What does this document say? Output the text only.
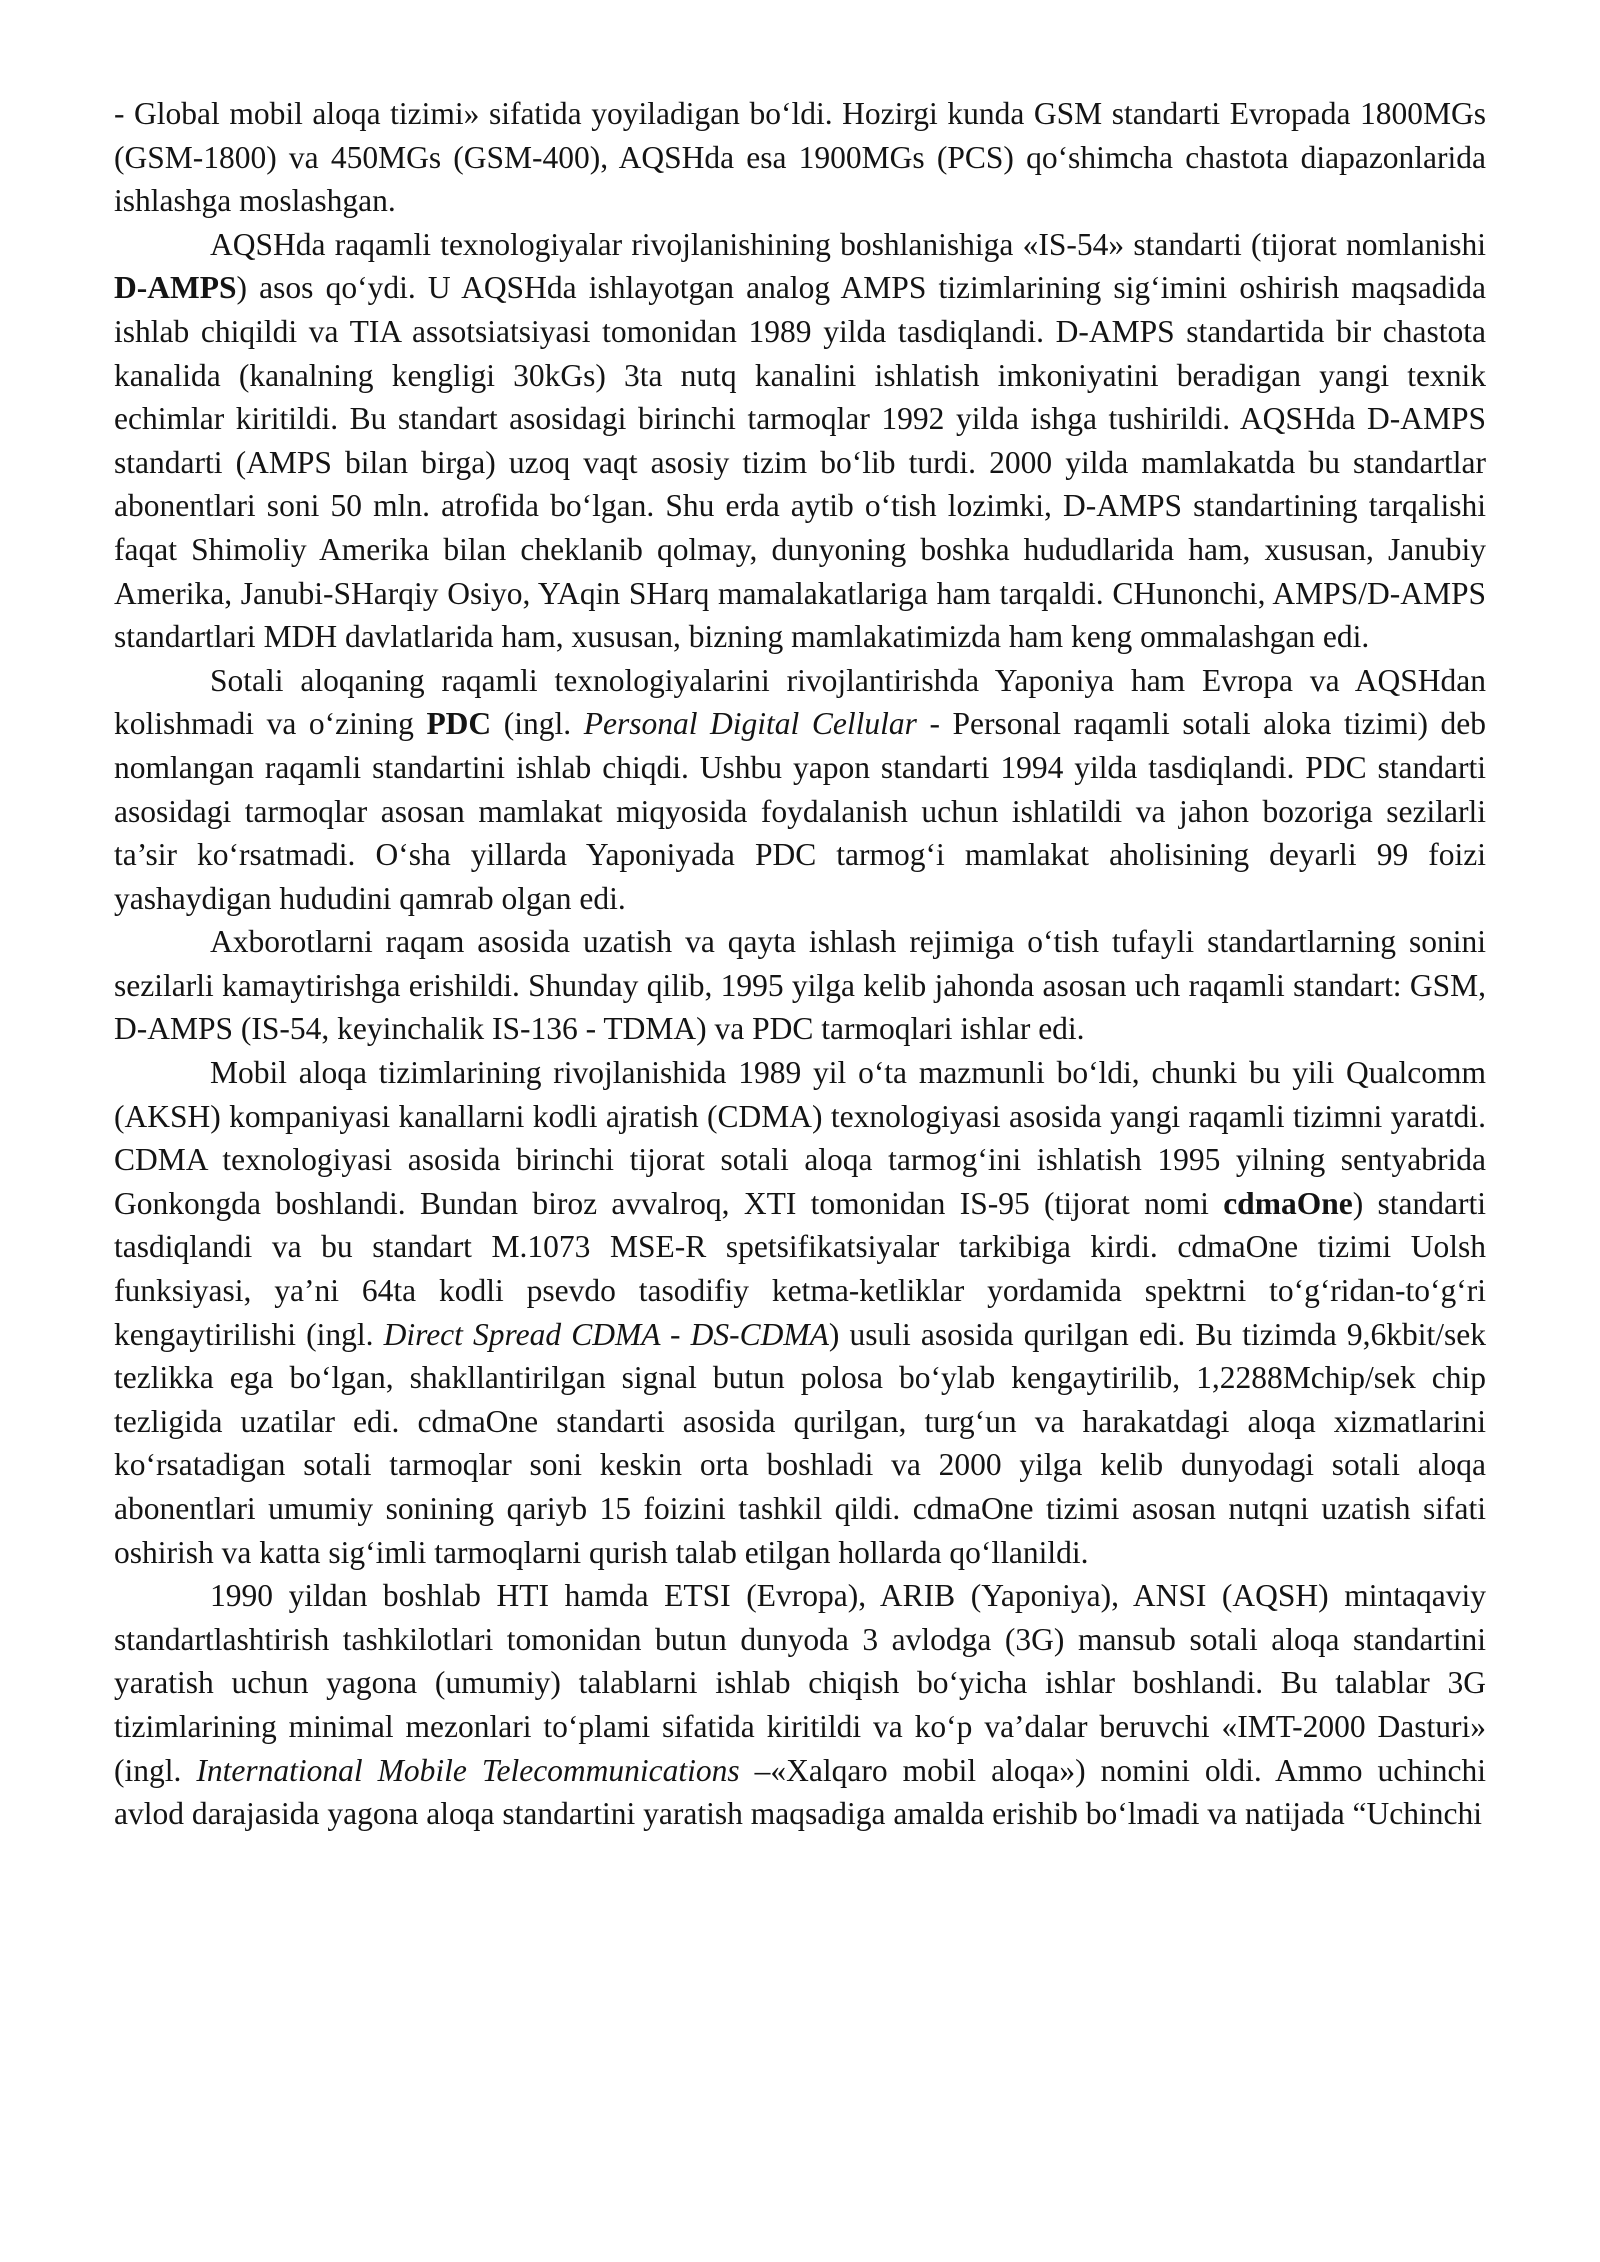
- Global mobil aloqa tizimi» sifatida yoyiladigan bo‘ldi. Hozirgi kunda GSM standarti Evropada 1800MGs (GSM-1800) va 450MGs (GSM-400), AQSHda esa 1900MGs (PCS) qo‘shimcha chastota diapazonlarida ishlashga moslashgan.

AQSHda raqamli texnologiyalar rivojlanishining boshlanishiga «IS-54» standarti (tijorat nomlanishi D-AMPS) asos qo‘ydi. U AQSHda ishlayotgan analog AMPS tizimlarining sig‘imini oshirish maqsadida ishlab chiqildi va TIA assotsiatsiyasi tomonidan 1989 yilda tasdiqlandi. D-AMPS standartida bir chastota kanalida (kanalning kengligi 30kGs) 3ta nutq kanalini ishlatish imkoniyatini beradigan yangi texnik echimlar kiritildi. Bu standart asosidagi birinchi tarmoqlar 1992 yilda ishga tushirildi. AQSHda D-AMPS standarti (AMPS bilan birga) uzoq vaqt asosiy tizim bo‘lib turdi. 2000 yilda mamlakatda bu standartlar abonentlari soni 50 mln. atrofida bo‘lgan. Shu erda aytib o‘tish lozimki, D-AMPS standartining tarqalishi faqat Shimoliy Amerika bilan cheklanib qolmay, dunyoning boshka hududlarida ham, xususan, Janubiy Amerika, Janubi-SHarqiy Osiyo, YAqin SHarq mamalakatlariga ham tarqaldi. CHunonchi, AMPS/D-AMPS standartlari MDH davlatlarida ham, xususan, bizning mamlakatimizda ham keng ommalashgan edi.

Sotali aloqaning raqamli texnologiyalarini rivojlantirishda Yaponiya ham Evropa va AQSHdan kolishmadi va o‘zining PDC (ingl. Personal Digital Cellular - Personal raqamli sotali aloka tizimi) deb nomlangan raqamli standartini ishlab chiqdi. Ushbu yapon standarti 1994 yilda tasdiqlandi. PDC standarti asosidagi tarmoqlar asosan mamlakat miqyosida foydalanish uchun ishlatildi va jahon bozoriga sezilarli ta’sir ko‘rsatmadi. O‘sha yillarda Yaponiyada PDC tarmog‘i mamlakat aholisining deyarli 99 foizi yashaydigan hududini qamrab olgan edi.

Axborotlarni raqam asosida uzatish va qayta ishlash rejimiga o‘tish tufayli standartlarning sonini sezilarli kamaytirishga erishildi. Shunday qilib, 1995 yilga kelib jahonda asosan uch raqamli standart: GSM, D-AMPS (IS-54, keyinchalik IS-136 - TDMA) va PDC tarmoqlari ishlar edi.

Mobil aloqa tizimlarining rivojlanishida 1989 yil o‘ta mazmunli bo‘ldi, chunki bu yili Qualcomm (AKSH) kompaniyasi kanallarni kodli ajratish (CDMA) texnologiyasi asosida yangi raqamli tizimni yaratdi. CDMA texnologiyasi asosida birinchi tijorat sotali aloqa tarmog‘ini ishlatish 1995 yilning sentyabrida Gonkongda boshlandi. Bundan biroz avvalroq, XTI tomonidan IS-95 (tijorat nomi cdmaOne) standarti tasdiqlandi va bu standart M.1073 MSE-R spetsifikatsiyalar tarkibiga kirdi. cdmaOne tizimi Uolsh funksiyasi, ya’ni 64ta kodli psevdo tasodifiy ketma-ketliklar yordamida spektrni to‘g‘ridan-to‘g‘ri kengaytirilishi (ingl. Direct Spread CDMA - DS-CDMA) usuli asosida qurilgan edi. Bu tizimda 9,6kbit/sek tezlikka ega bo‘lgan, shakllantirilgan signal butun polosa bo‘ylab kengaytirilib, 1,2288Mchip/sek chip tezligida uzatilar edi. cdmaOne standarti asosida qurilgan, turg‘un va harakatdagi aloqa xizmatlarini ko‘rsatadigan sotali tarmoqlar soni keskin orta boshladi va 2000 yilga kelib dunyodagi sotali aloqa abonentlari umumiy sonining qariyb 15 foizini tashkil qildi. cdmaOne tizimi asosan nutqni uzatish sifati oshirish va katta sig‘imli tarmoqlarni qurish talab etilgan hollarda qo‘llanildi.

1990 yildan boshlab HTI hamda ETSI (Evropa), ARIB (Yaponiya), ANSI (AQSH) mintaqaviy standartlashtirish tashkilotlari tomonidan butun dunyoda 3 avlodga (3G) mansub sotali aloqa standartini yaratish uchun yagona (umumiy) talablarni ishlab chiqish bo‘yicha ishlar boshlandi. Bu talablar 3G tizimlarining minimal mezonlari to‘plami sifatida kiritildi va ko‘p va’dalar beruvchi «IMT-2000 Dasturi» (ingl. International Mobile Telecommunications –«Xalqaro mobil aloqa») nomini oldi. Ammo uchinchi avlod darajasida yagona aloqa standartini yaratish maqsadiga amalda erishib bo‘lmadi va natijada “Uchinchi
